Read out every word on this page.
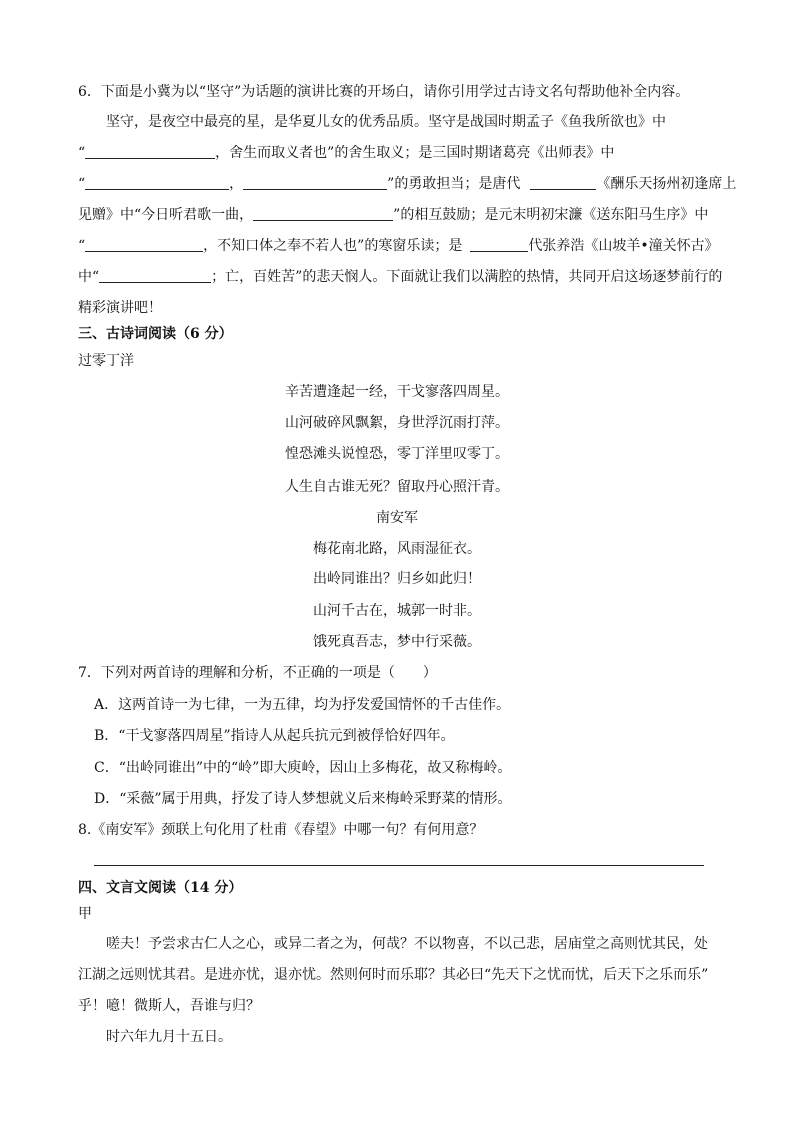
6．下面是小冀为以“坚守”为话题的演讲比赛的开场白，请你引用学过古诗文名句帮助他补全内容。
坚守，是夜空中最亮的星，是华夏儿女的优秀品质。坚守是战国时期孟子《鱼我所欲也》中
“	，舍生而取义者也”的舍生取义；是三国时期诸葛亮《出师表》中
“	，	”的勇敢担当；是唐代	《酬乐天扬州初逢席上
见赠》中“今日听君歌一曲，	”的相互鼓励；是元末明初宋濂《送东阳马生序》中
“	，不知口体之奉不若人也”的寒窗乐读；是	代张养浩《山坡羊•潼关怀古》
中“	；亡，百姓苦”的悲天悯人。下面就让我们以满腔的热情，共同开启这场逐梦前行的
精彩演讲吧！
三、古诗词阅读（6 分）
过零丁洋
辛苦遭逢起一经，干戈寥落四周星。
山河破碎风飘絮，身世浮沉雨打萍。
惶恐滩头说惶恐，零丁洋里叹零丁。
人生自古谁无死？留取丹心照汗青。
南安军
梅花南北路，风雨湿征衣。
出岭同谁出？归乡如此归！
山河千古在，城郭一时非。
饿死真吾志，梦中行采薇。
7．下列对两首诗的理解和分析，不正确的一项是（　　）
A．这两首诗一为七律，一为五律，均为抒发爱国情怀的千古佳作。
B．“干戈寥落四周星”指诗人从起兵抗元到被俘恰好四年。
C．“出岭同谁出”中的“岭”即大庾岭，因山上多梅花，故又称梅岭。
D．“采薇”属于用典，抒发了诗人梦想就义后来梅岭采野菜的情形。
8.《南安军》颈联上句化用了杜甫《春望》中哪一句？有何用意？
四、文言文阅读（14 分）
甲
嗟夫！予尝求古仁人之心，或异二者之为，何哉？不以物喜，不以己悲，居庙堂之高则忧其民，处
江湖之远则忧其君。是进亦忧，退亦忧。然则何时而乐耶？其必曰“先天下之忧而忧，后天下之乐而乐”
乎！噫！微斯人，吾谁与归？
时六年九月十五日。
